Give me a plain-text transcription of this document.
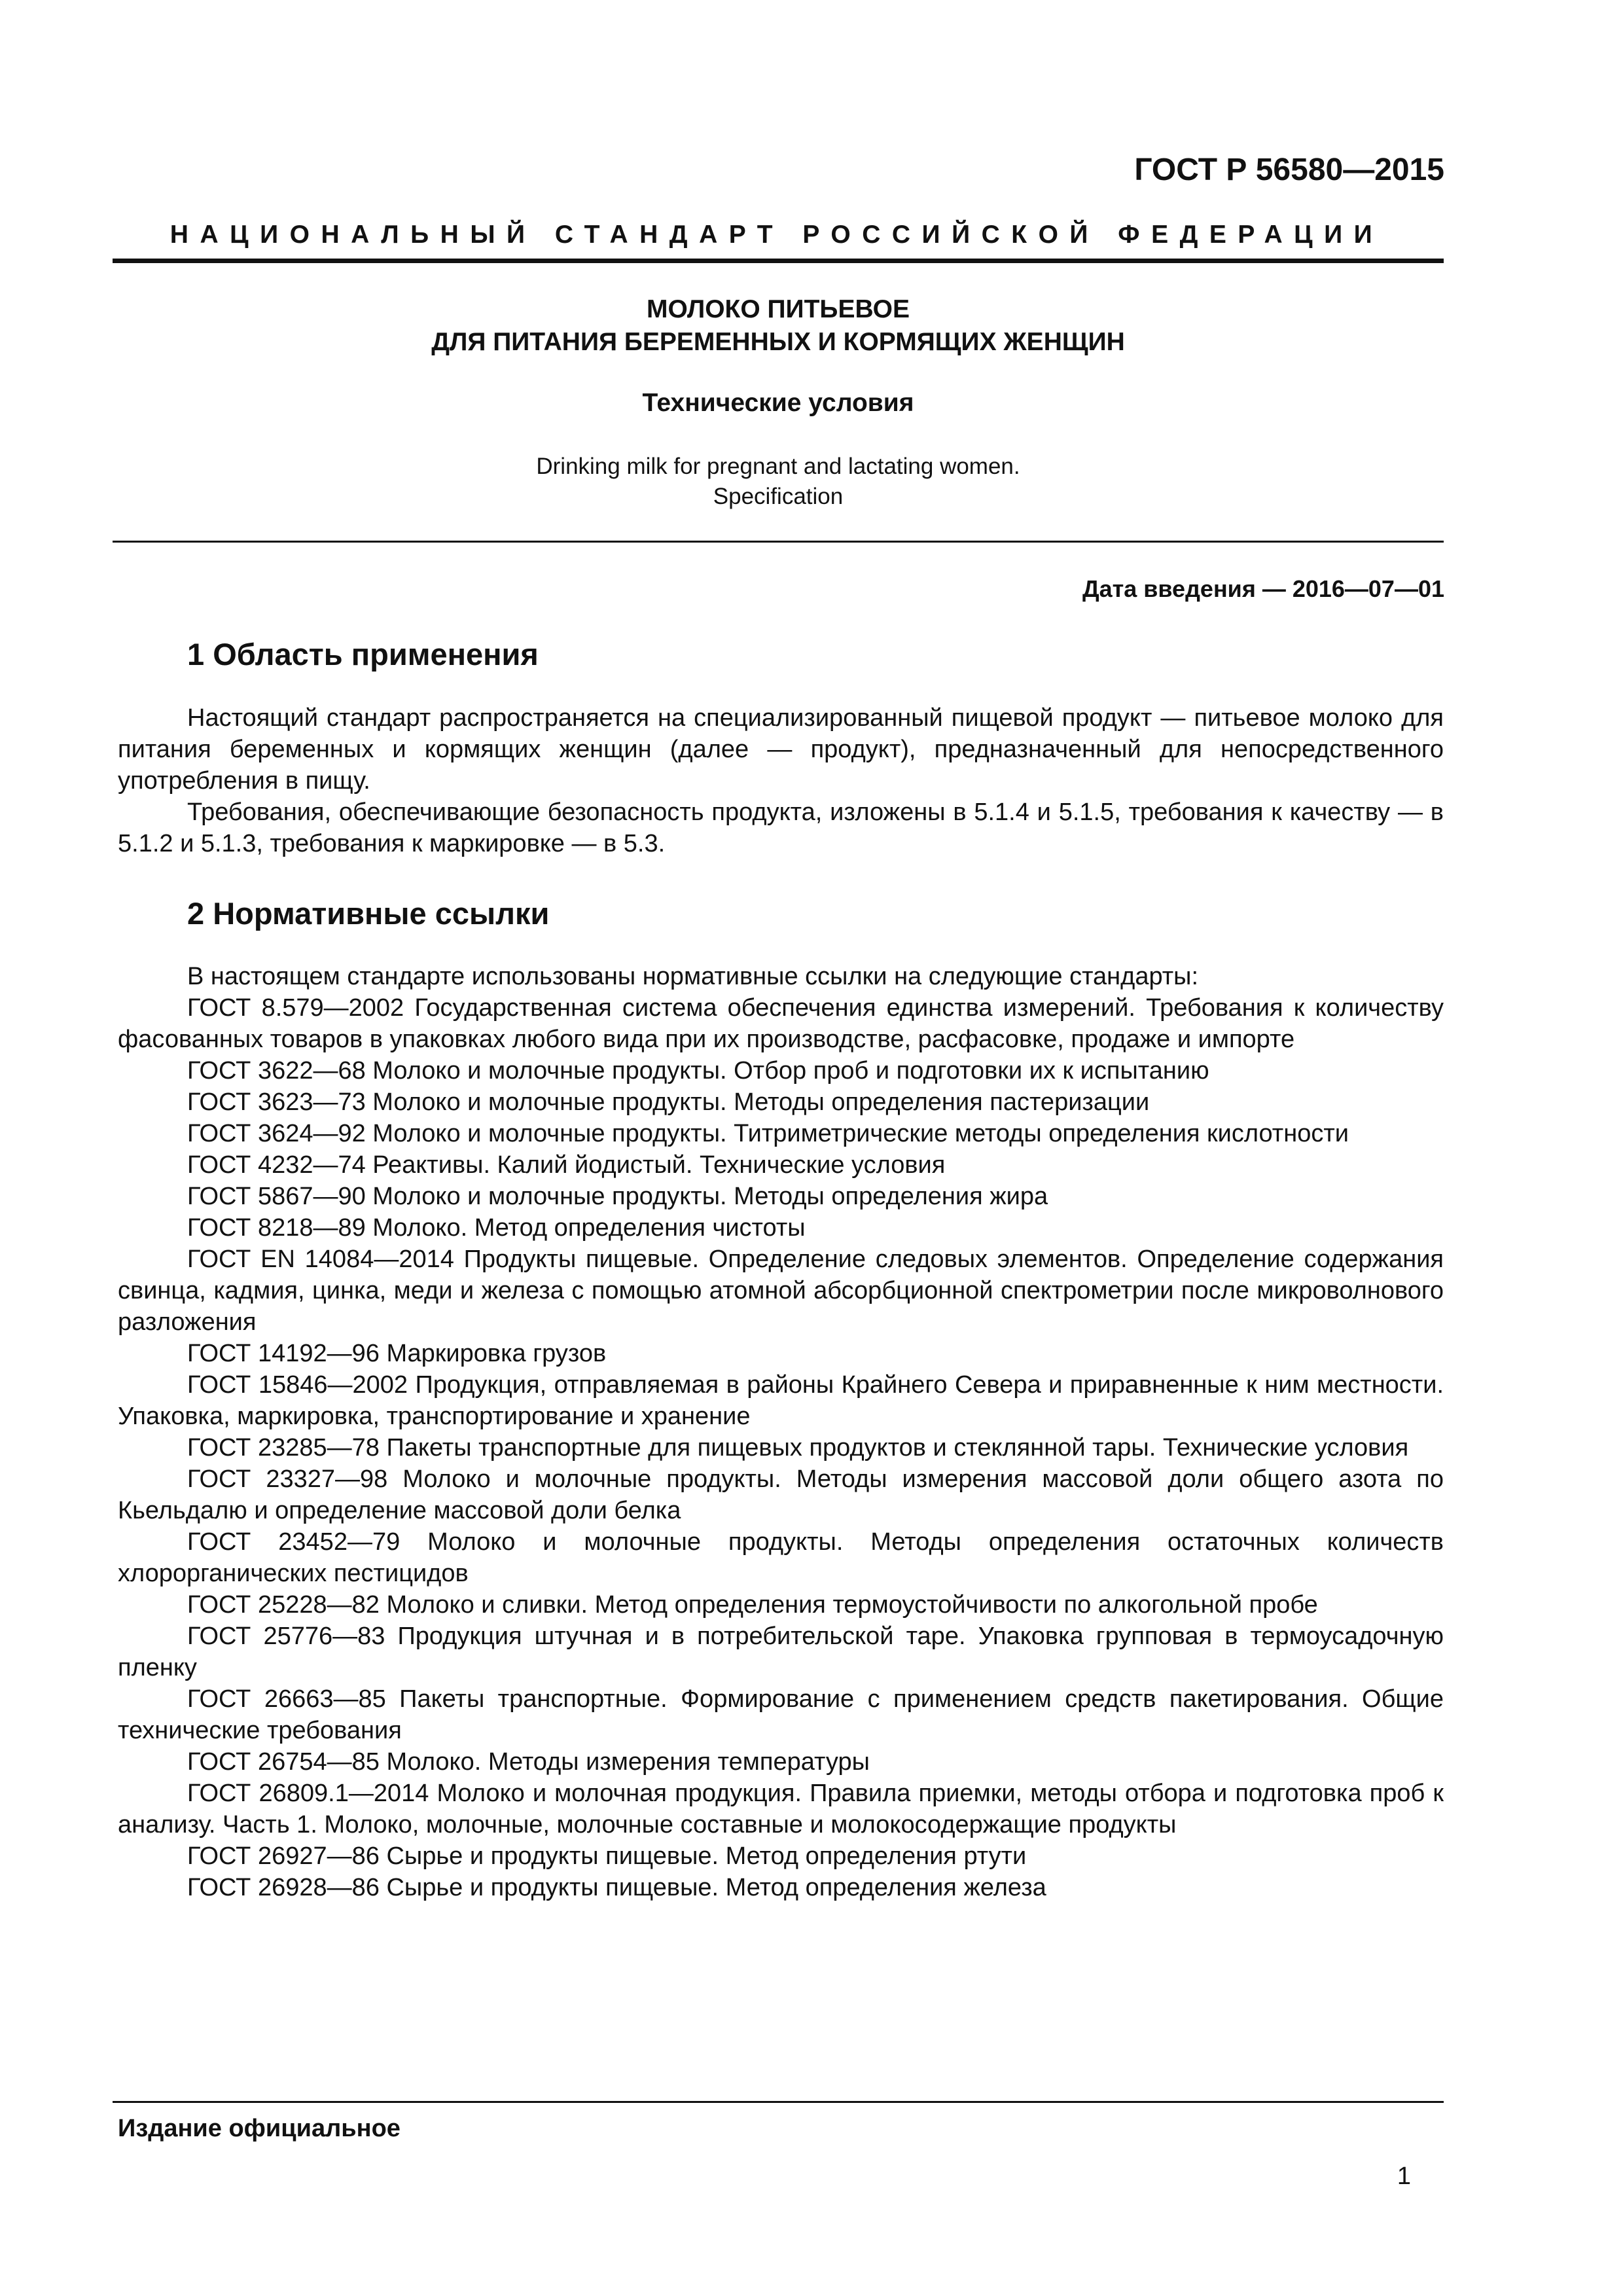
ГОСТ Р 56580—2015
НАЦИОНАЛЬНЫЙ СТАНДАРТ РОССИЙСКОЙ ФЕДЕРАЦИИ
МОЛОКО ПИТЬЕВОЕ
ДЛЯ ПИТАНИЯ БЕРЕМЕННЫХ И КОРМЯЩИХ ЖЕНЩИН
Технические условия
Drinking milk for pregnant and lactating women.
Specification
Дата введения — 2016—07—01
1 Область применения

Настоящий стандарт распространяется на специализированный пищевой продукт — питьевое молоко для питания беременных и кормящих женщин (далее — продукт), предназначенный для непосредственного употребления в пищу.

Требования, обеспечивающие безопасность продукта, изложены в 5.1.4 и 5.1.5, требования к качеству — в 5.1.2 и 5.1.3, требования к маркировке — в 5.3.

2 Нормативные ссылки

В настоящем стандарте использованы нормативные ссылки на следующие стандарты:

ГОСТ 8.579—2002 Государственная система обеспечения единства измерений. Требования к количеству фасованных товаров в упаковках любого вида при их производстве, расфасовке, продаже и импорте

ГОСТ 3622—68 Молоко и молочные продукты. Отбор проб и подготовки их к испытанию

ГОСТ 3623—73 Молоко и молочные продукты. Методы определения пастеризации

ГОСТ 3624—92 Молоко и молочные продукты. Титриметрические методы определения кислотности

ГОСТ 4232—74 Реактивы. Калий йодистый. Технические условия

ГОСТ 5867—90 Молоко и молочные продукты. Методы определения жира

ГОСТ 8218—89 Молоко. Метод определения чистоты

ГОСТ EN 14084—2014 Продукты пищевые. Определение следовых элементов. Определение содержания свинца, кадмия, цинка, меди и железа с помощью атомной абсорбционной спектрометрии после микроволнового разложения

ГОСТ 14192—96 Маркировка грузов

ГОСТ 15846—2002 Продукция, отправляемая в районы Крайнего Севера и приравненные к ним местности. Упаковка, маркировка, транспортирование и хранение

ГОСТ 23285—78 Пакеты транспортные для пищевых продуктов и стеклянной тары. Технические условия

ГОСТ 23327—98 Молоко и молочные продукты. Методы измерения массовой доли общего азота по Кьельдалю и определение массовой доли белка

ГОСТ 23452—79 Молоко и молочные продукты. Методы определения остаточных количеств хлорорганических пестицидов

ГОСТ 25228—82 Молоко и сливки. Метод определения термоустойчивости по алкогольной пробе

ГОСТ 25776—83 Продукция штучная и в потребительской таре. Упаковка групповая в термоусадочную пленку

ГОСТ 26663—85 Пакеты транспортные. Формирование с применением средств пакетирования. Общие технические требования

ГОСТ 26754—85 Молоко. Методы измерения температуры

ГОСТ 26809.1—2014 Молоко и молочная продукция. Правила приемки, методы отбора и подготовка проб к анализу. Часть 1. Молоко, молочные, молочные составные и молокосодержащие продукты

ГОСТ 26927—86 Сырье и продукты пищевые. Метод определения ртути

ГОСТ 26928—86 Сырье и продукты пищевые. Метод определения железа

Издание официальное
1
